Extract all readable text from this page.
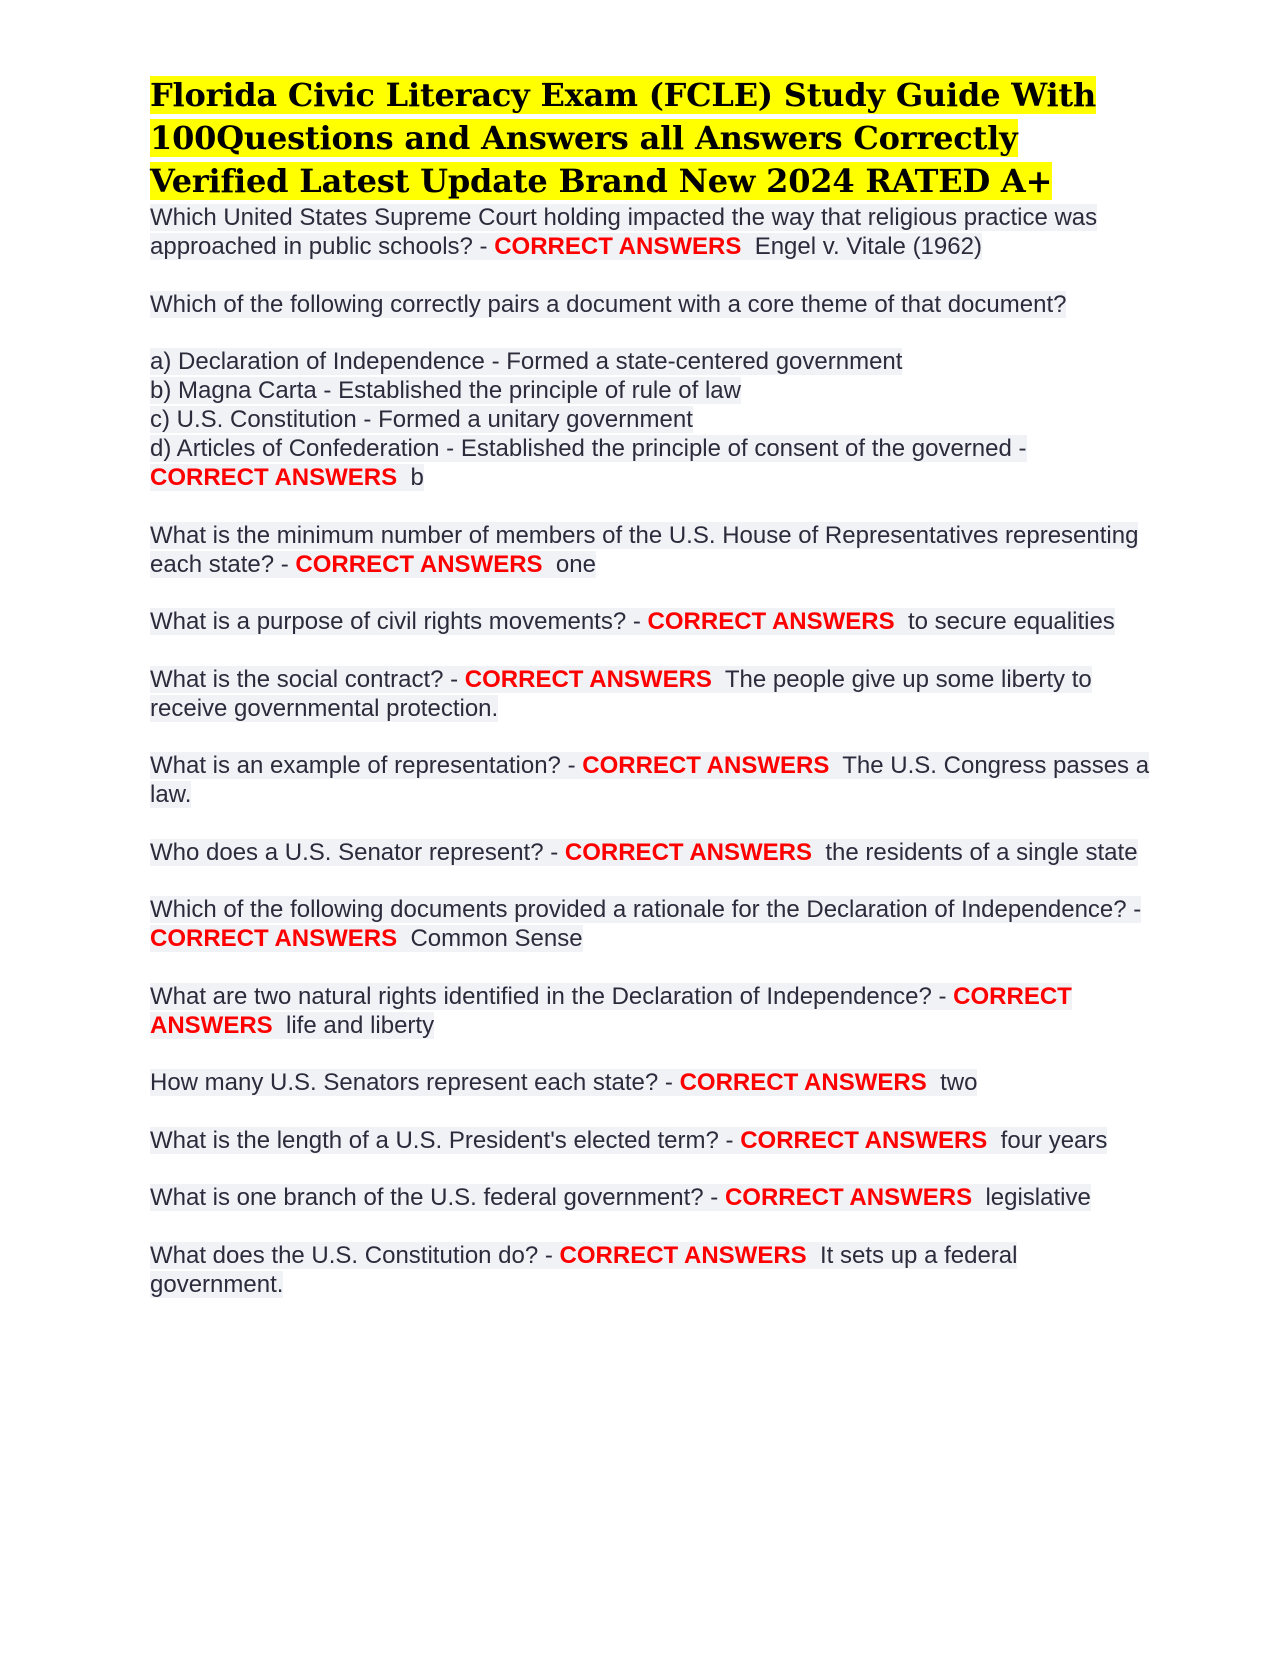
Florida Civic Literacy Exam (FCLE) Study Guide With 100Questions and Answers all Answers Correctly Verified Latest Update Brand New 2024 RATED A+

Which United States Supreme Court holding impacted the way that religious practice was approached in public schools? - CORRECT ANSWERS Engel v. Vitale (1962)

Which of the following correctly pairs a document with a core theme of that document?

a) Declaration of Independence - Formed a state-centered government
b) Magna Carta - Established the principle of rule of law
c) U.S. Constitution - Formed a unitary government
d) Articles of Confederation - Established the principle of consent of the governed - CORRECT ANSWERS b

What is the minimum number of members of the U.S. House of Representatives representing each state? - CORRECT ANSWERS one

What is a purpose of civil rights movements? - CORRECT ANSWERS to secure equalities

What is the social contract? - CORRECT ANSWERS The people give up some liberty to receive governmental protection.

What is an example of representation? - CORRECT ANSWERS The U.S. Congress passes a law.

Who does a U.S. Senator represent? - CORRECT ANSWERS the residents of a single state

Which of the following documents provided a rationale for the Declaration of Independence? - CORRECT ANSWERS Common Sense

What are two natural rights identified in the Declaration of Independence? - CORRECT ANSWERS life and liberty

How many U.S. Senators represent each state? - CORRECT ANSWERS two

What is the length of a U.S. President's elected term? - CORRECT ANSWERS four years

What is one branch of the U.S. federal government? - CORRECT ANSWERS legislative

What does the U.S. Constitution do? - CORRECT ANSWERS It sets up a federal government.
